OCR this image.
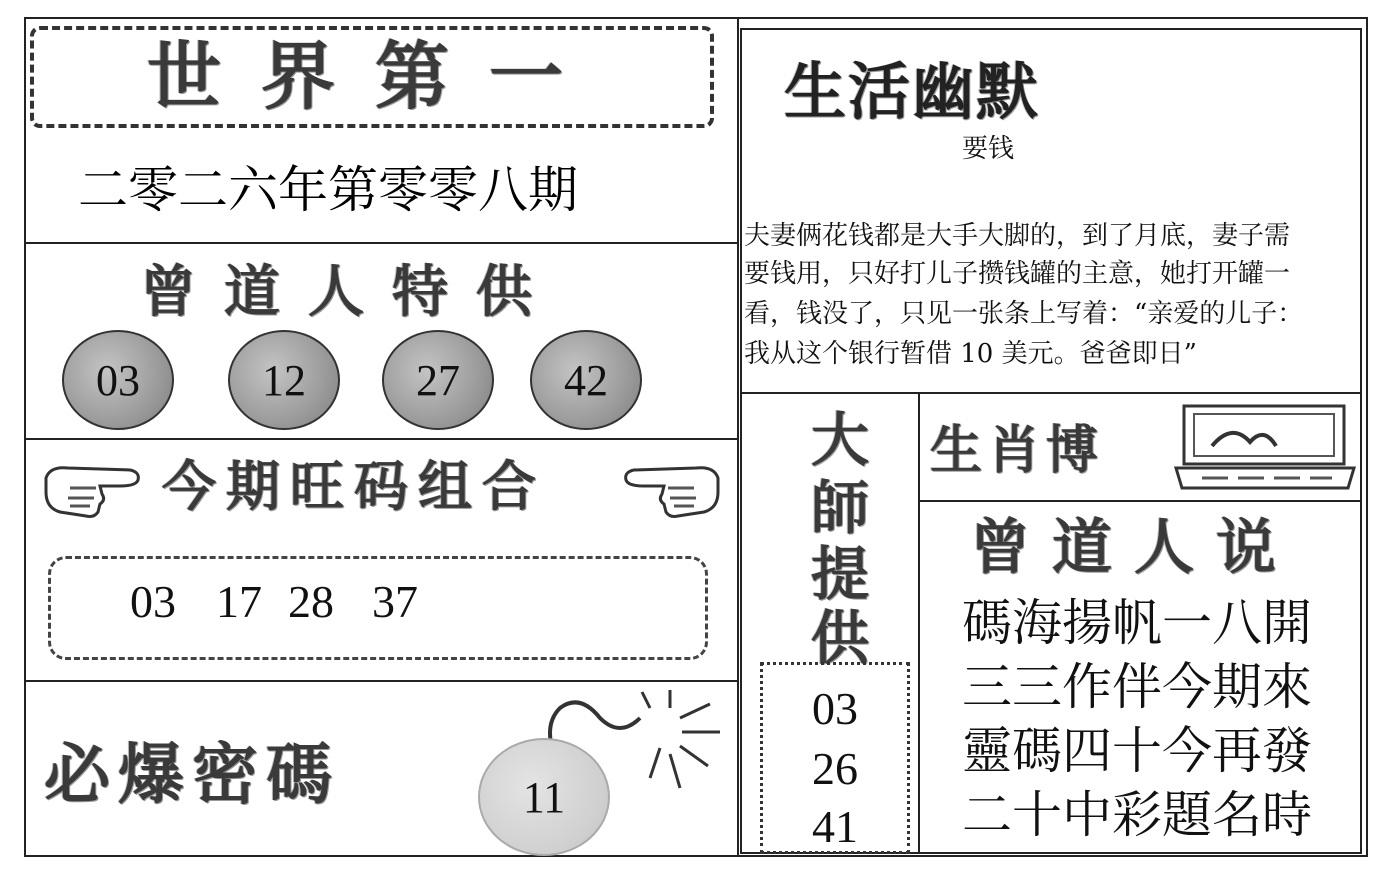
世界第一
二零二六年第零零八期
曾道人特供
03	12	27	42
今期旺码组合
03 17 28 37
必爆密碼	11
生活幽默
要钱
夫妻俩花钱都是大手大脚的，到了月底，妻子需
要钱用，只好打儿子攒钱罐的主意，她打开罐一
看，钱没了，只见一张条上写着：“亲爱的儿子：
我从这个银行暂借 10 美元。爸爸即日”
大
師
提
供
03
26
41
生肖博
曾道人说
碼海揚帆一八開
三三作伴今期來
靈碼四十今再發
二十中彩題名時
